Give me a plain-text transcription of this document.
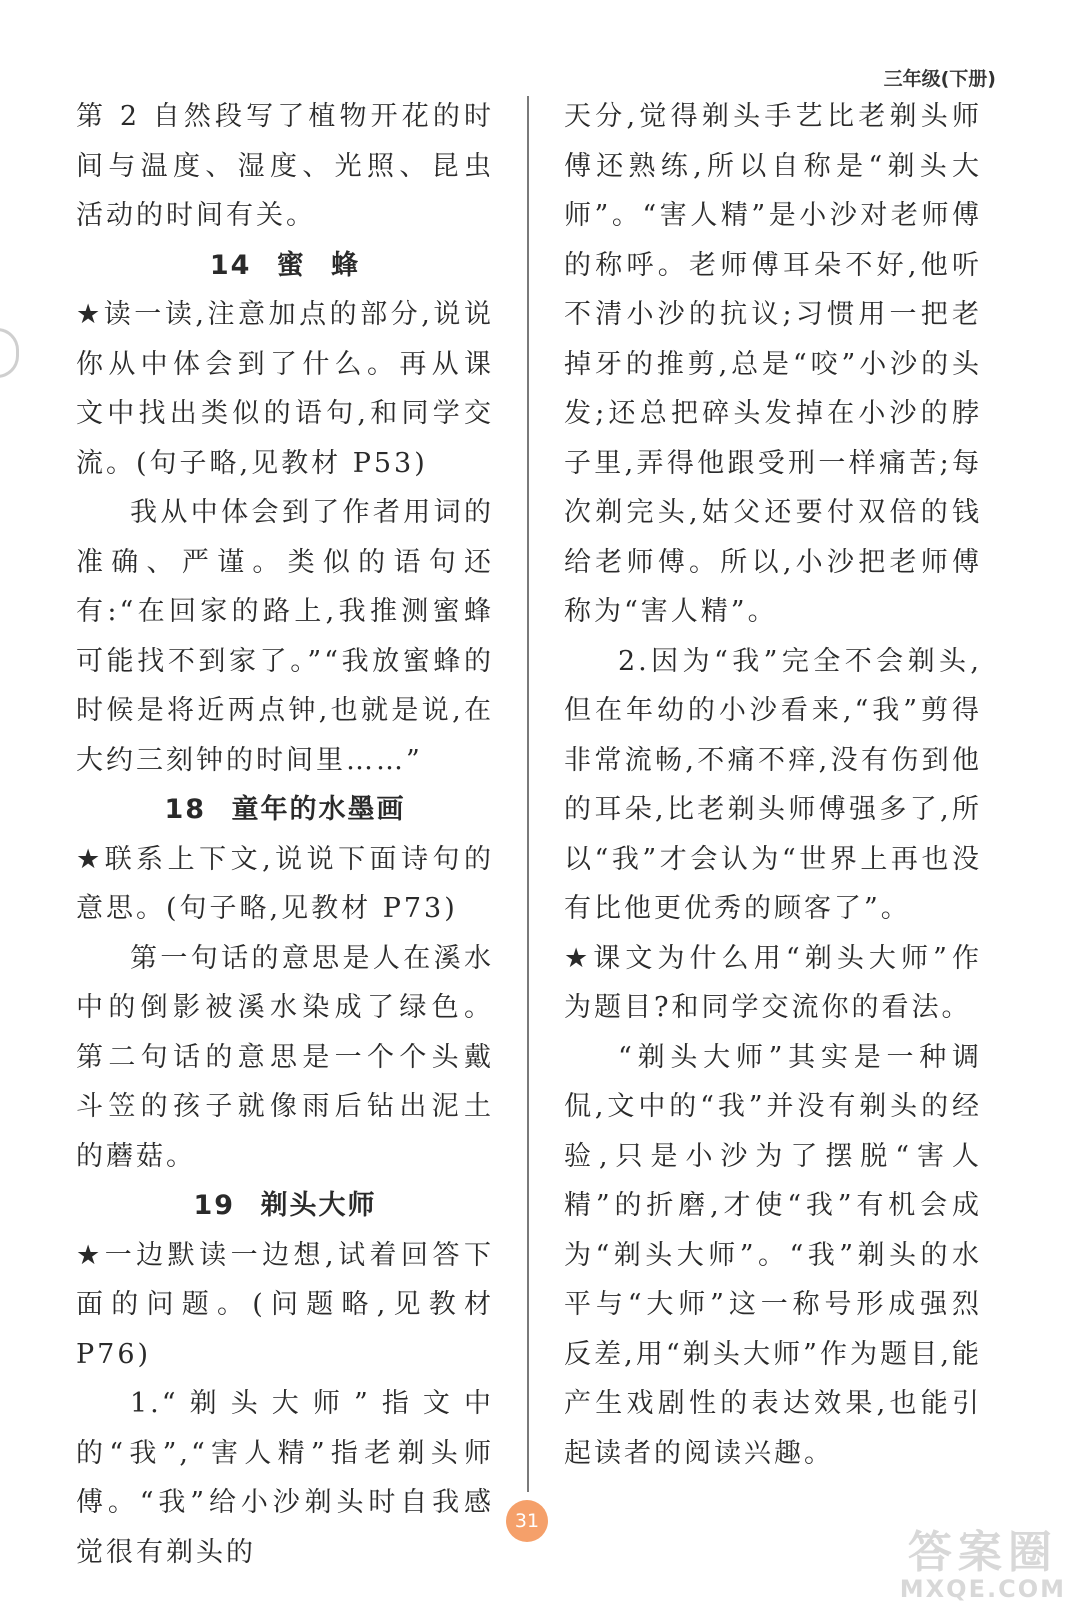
三年级(下册)

第 2 自然段写了植物开花的时间与温度、湿度、光照、昆虫活动的时间有关。

14 蜜 蜂

★读一读,注意加点的部分,说说你从中体会到了什么。再从课文中找出类似的语句,和同学交流。(句子略,见教材 P53)

我从中体会到了作者用词的准确、严谨。类似的语句还有:“在回家的路上,我推测蜜蜂可能找不到家了。”“我放蜜蜂的时候是将近两点钟,也就是说,在大约三刻钟的时间里……”

18 童年的水墨画

★联系上下文,说说下面诗句的意思。(句子略,见教材 P73)

第一句话的意思是人在溪水中的倒影被溪水染成了绿色。第二句话的意思是一个个头戴斗笠的孩子就像雨后钻出泥土的蘑菇。

19 剃头大师

★一边默读一边想,试着回答下面的问题。(问题略,见教材 P76)

1.“剃头大师”指文中的“我”,“害人精”指老剃头师傅。“我”给小沙剃头时自我感觉很有剃头的

天分,觉得剃头手艺比老剃头师傅还熟练,所以自称是“剃头大师”。“害人精”是小沙对老师傅的称呼。老师傅耳朵不好,他听不清小沙的抗议;习惯用一把老掉牙的推剪,总是“咬”小沙的头发;还总把碎头发掉在小沙的脖子里,弄得他跟受刑一样痛苦;每次剃完头,姑父还要付双倍的钱给老师傅。所以,小沙把老师傅称为“害人精”。

2.因为“我”完全不会剃头,但在年幼的小沙看来,“我”剪得非常流畅,不痛不痒,没有伤到他的耳朵,比老剃头师傅强多了,所以“我”才会认为“世界上再也没有比他更优秀的顾客了”。

★课文为什么用“剃头大师”作为题目?和同学交流你的看法。

“剃头大师”其实是一种调侃,文中的“我”并没有剃头的经验,只是小沙为了摆脱“害人精”的折磨,才使“我”有机会成为“剃头大师”。“我”剃头的水平与“大师”这一称号形成强烈反差,用“剃头大师”作为题目,能产生戏剧性的表达效果,也能引起读者的阅读兴趣。

31
答案圈
MXQE.COM
